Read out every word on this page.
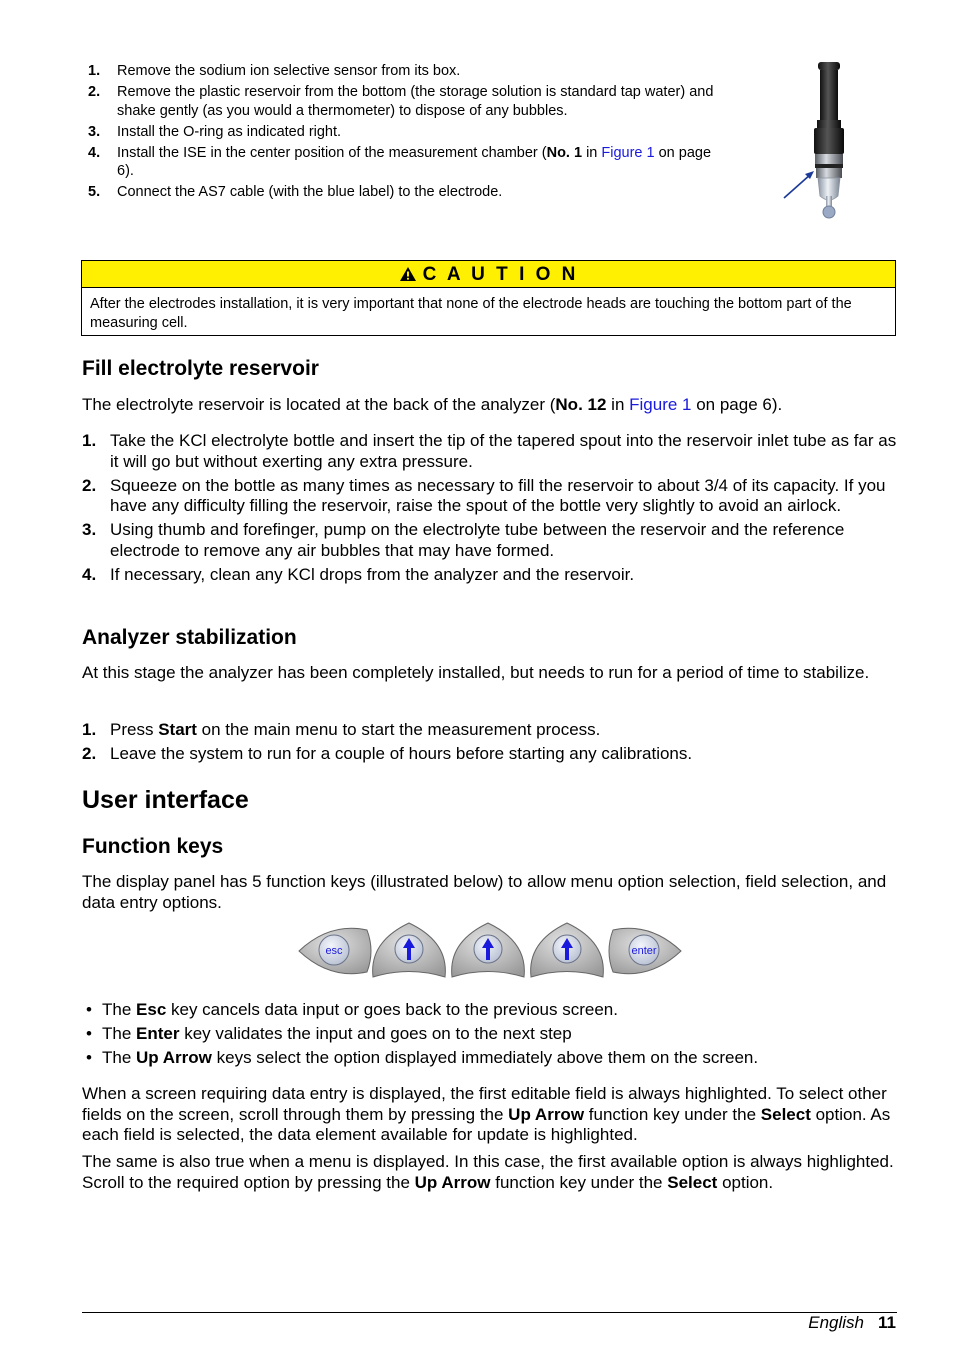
1. Remove the sodium ion selective sensor from its box.
2. Remove the plastic reservoir from the bottom (the storage solution is standard tap water) and shake gently (as you would a thermometer) to dispose of any bubbles.
3. Install the O-ring as indicated right.
4. Install the ISE in the center position of the measurement chamber (No. 1 in Figure 1 on page 6).
5. Connect the AS7 cable (with the blue label) to the electrode.
C A U T I O N
After the electrodes installation, it is very important that none of the electrode heads are touching the bottom part of the measuring cell.
Fill electrolyte reservoir
The electrolyte reservoir is located at the back of the analyzer (No. 12 in Figure 1 on page 6).
1. Take the KCl electrolyte bottle and insert the tip of the tapered spout into the reservoir inlet tube as far as it will go but without exerting any extra pressure.
2. Squeeze on the bottle as many times as necessary to fill the reservoir to about 3/4 of its capacity. If you have any difficulty filling the reservoir, raise the spout of the bottle very slightly to avoid an airlock.
3. Using thumb and forefinger, pump on the electrolyte tube between the reservoir and the reference electrode to remove any air bubbles that may have formed.
4. If necessary, clean any KCl drops from the analyzer and the reservoir.
Analyzer stabilization
At this stage the analyzer has been completely installed, but needs to run for a period of time to stabilize.
1. Press Start on the main menu to start the measurement process.
2. Leave the system to run for a couple of hours before starting any calibrations.
User interface
Function keys
The display panel has 5 function keys (illustrated below) to allow menu option selection, field selection, and data entry options.
esc	enter
• The Esc key cancels data input or goes back to the previous screen.
• The Enter key validates the input and goes on to the next step
• The Up Arrow keys select the option displayed immediately above them on the screen.
When a screen requiring data entry is displayed, the first editable field is always highlighted. To select other fields on the screen, scroll through them by pressing the Up Arrow function key under the Select option. As each field is selected, the data element available for update is highlighted.
The same is also true when a menu is displayed. In this case, the first available option is always highlighted. Scroll to the required option by pressing the Up Arrow function key under the Select option.
English 11
